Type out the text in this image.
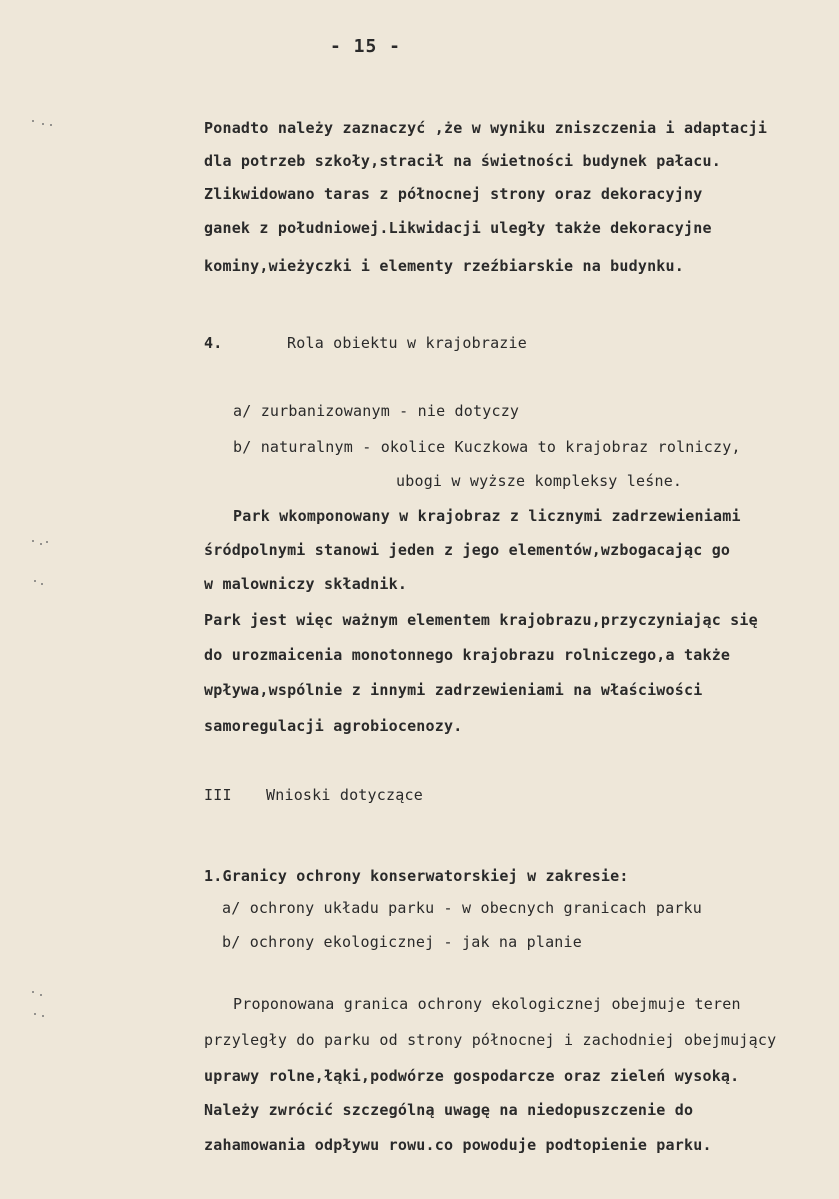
- 15 -
Ponadto należy zaznaczyć ,że w wyniku zniszczenia i adaptacji
dla potrzeb szkoły,stracił na świetności budynek pałacu.
Zlikwidowano taras z północnej strony oraz dekoracyjny
ganek z południowej.Likwidacji uległy także dekoracyjne
kominy,wieżyczki i elementy rzeźbiarskie na budynku.
4.	Rola obiektu w krajobrazie
a/ zurbanizowanym - nie dotyczy
b/ naturalnym - okolice Kuczkowa to krajobraz rolniczy,
ubogi w wyższe kompleksy leśne.
Park wkomponowany w krajobraz z licznymi zadrzewieniami
śródpolnymi stanowi jeden z jego elementów,wzbogacając go
w malowniczy składnik.
Park jest więc ważnym elementem krajobrazu,przyczyniając się
do urozmaicenia monotonnego krajobrazu rolniczego,a także
wpływa,wspólnie z innymi zadrzewieniami na właściwości
samoregulacji agrobiocenozy.
III Wnioski dotyczące
1.Granicy ochrony konserwatorskiej w zakresie:
a/ ochrony układu parku - w obecnych granicach parku
b/ ochrony ekologicznej - jak na planie
Proponowana granica ochrony ekologicznej obejmuje teren
przyległy do parku od strony północnej i zachodniej obejmujący
uprawy rolne,łąki,podwórze gospodarcze oraz zieleń wysoką.
Należy zwrócić szczególną uwagę na niedopuszczenie do
zahamowania odpływu rowu.co powoduje podtopienie parku.
